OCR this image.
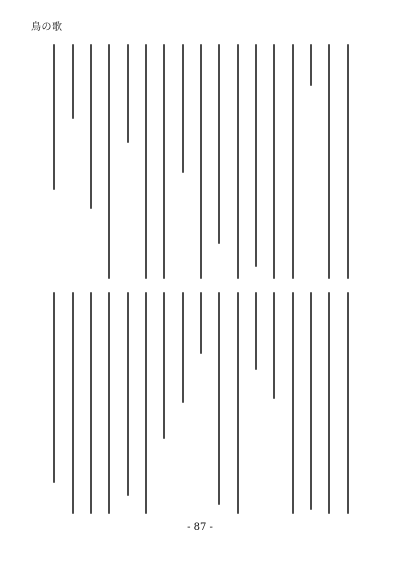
鳥の歌
- 87 -
